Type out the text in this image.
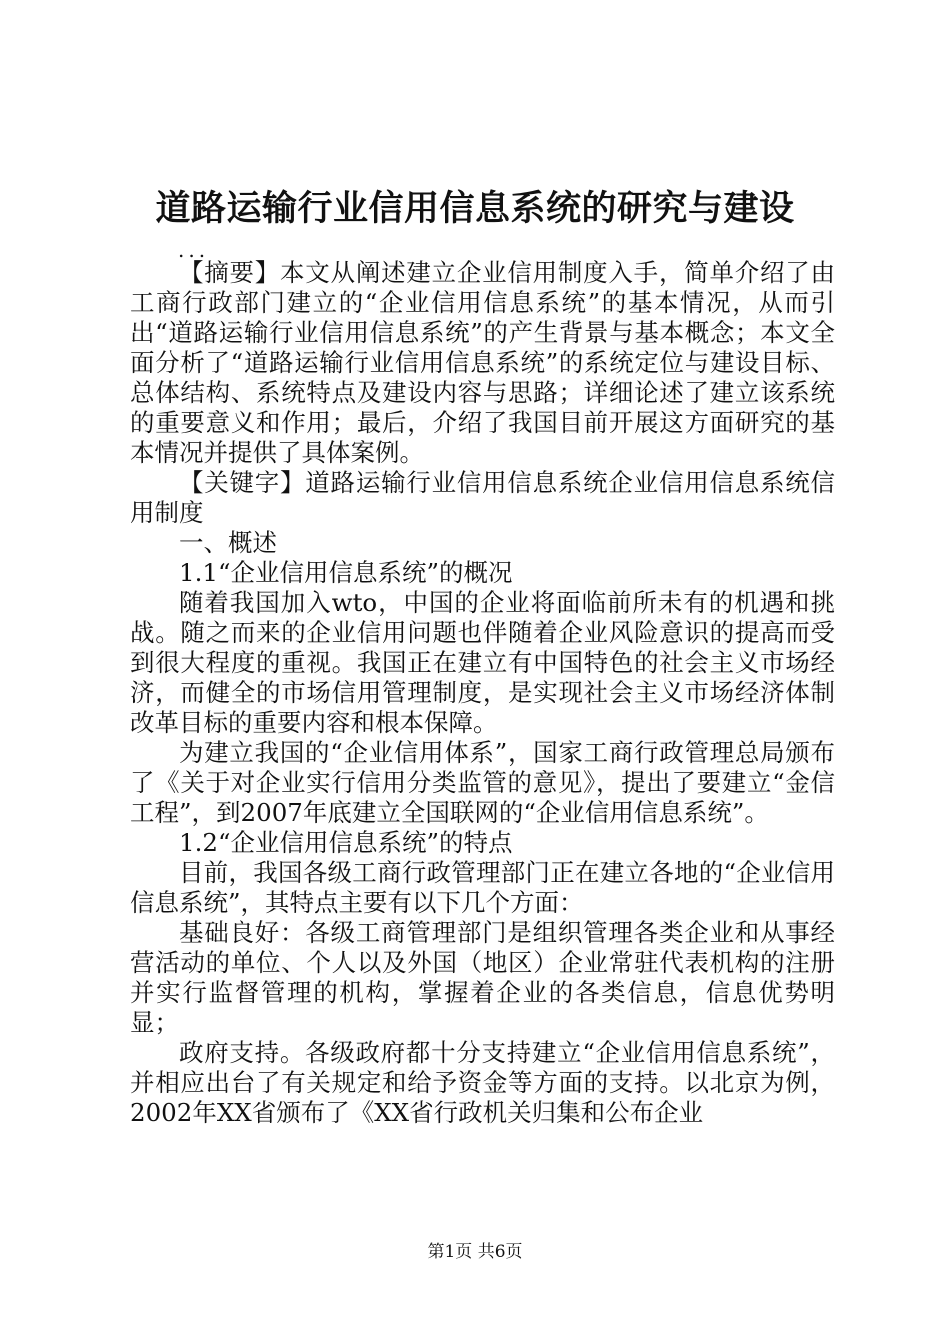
道路运输行业信用信息系统的研究与建设
...

【摘要】本文从阐述建立企业信用制度入手，简单介绍了由工商行政部门建立的“企业信用信息系统”的基本情况，从而引出“道路运输行业信用信息系统”的产生背景与基本概念；本文全面分析了“道路运输行业信用信息系统”的系统定位与建设目标、总体结构、系统特点及建设内容与思路；详细论述了建立该系统的重要意义和作用；最后，介绍了我国目前开展这方面研究的基本情况并提供了具体案例。

【关键字】道路运输行业信用信息系统企业信用信息系统信用制度

一、概述

1.1“企业信用信息系统”的概况

随着我国加入wto，中国的企业将面临前所未有的机遇和挑战。随之而来的企业信用问题也伴随着企业风险意识的提高而受到很大程度的重视。我国正在建立有中国特色的社会主义市场经济，而健全的市场信用管理制度，是实现社会主义市场经济体制改革目标的重要内容和根本保障。

为建立我国的“企业信用体系”，国家工商行政管理总局颁布了《关于对企业实行信用分类监管的意见》，提出了要建立“金信工程”，到2007年底建立全国联网的“企业信用信息系统”。

1.2“企业信用信息系统”的特点

目前，我国各级工商行政管理部门正在建立各地的“企业信用信息系统”，其特点主要有以下几个方面：

基础良好：各级工商管理部门是组织管理各类企业和从事经营活动的单位、个人以及外国（地区）企业常驻代表机构的注册并实行监督管理的机构，掌握着企业的各类信息，信息优势明显；

政府支持。各级政府都十分支持建立“企业信用信息系统”，并相应出台了有关规定和给予资金等方面的支持。以北京为例，2002年XX省颁布了《XX省行政机关归集和公布企业

第1页 共6页
